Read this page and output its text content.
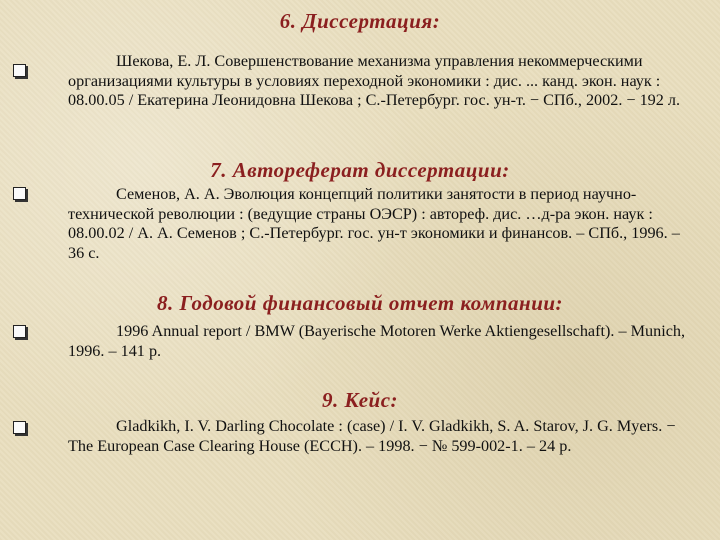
6. Диссертация:
Шекова, Е. Л. Совершенствование механизма управления некоммерческими организациями культуры в условиях переходной экономики : дис. ... канд. экон. наук : 08.00.05 / Екатерина Леонидовна Шекова ; С.-Петербург. гос. ун-т. − СПб., 2002. − 192 л.
7. Автореферат диссертации:
Семенов, А. А. Эволюция концепций политики занятости в период научно- технической революции : (ведущие страны ОЭСР) : автореф. дис. …д-ра экон. наук : 08.00.02 / А. А. Семенов ; С.-Петербург. гос. ун-т экономики и финансов. – СПб., 1996. – 36 с.
8. Годовой финансовый отчет компании:
1996 Annual report / BMW (Bayerische Motoren Werke Aktiengesellschaft). – Munich, 1996. – 141 p.
9. Кейс:
Gladkikh, I. V. Darling Chocolate : (case) / I. V. Gladkikh, S. A. Starov, J. G. Myers. − The European Case Clearing House (ECCH). – 1998. − № 599-002-1. – 24 p.
